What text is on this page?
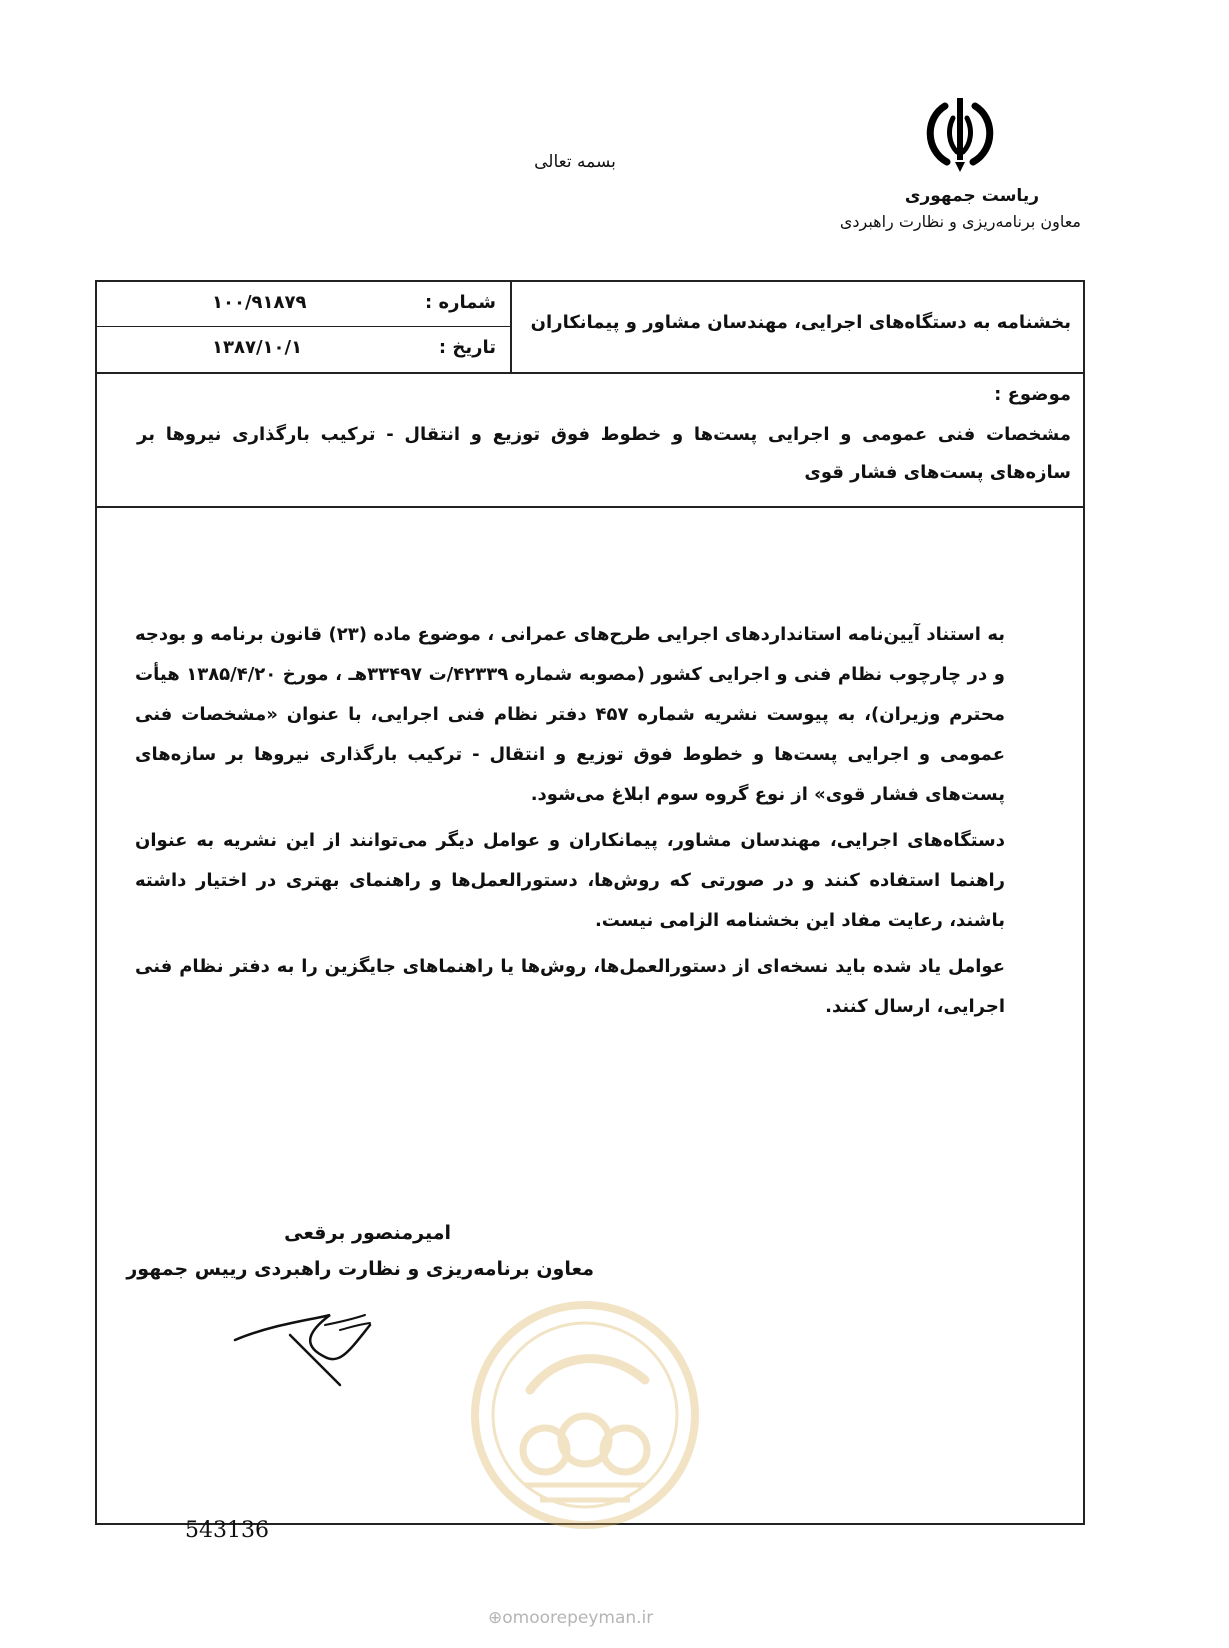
بسمه تعالی
ریاست جمهوری
معاون برنامه‌ریزی و نظارت راهبردی
بخشنامه به دستگاه‌های اجرایی، مهندسان مشاور و پیمانکاران
شماره :
۱۰۰/۹۱۸۷۹
تاریخ :
۱۳۸۷/۱۰/۱
موضوع :
مشخصات فنی عمومی و اجرایی پست‌ها و خطوط فوق توزیع و انتقال - ترکیب بارگذاری نیروها بر سازه‌های پست‌های فشار قوی

به استناد آیین‌نامه استانداردهای اجرایی طرح‌های عمرانی ، موضوع ماده (۲۳) قانون برنامه و بودجه و در چارچوب نظام فنی و اجرایی کشور (مصوبه شماره ۴۲۳۳۹/ت ۳۳۴۹۷هـ ، مورخ ۱۳۸۵/۴/۲۰ هیأت محترم وزیران)، به پیوست نشریه شماره ۴۵۷ دفتر نظام فنی اجرایی، با عنوان «مشخصات فنی عمومی و اجرایی پست‌ها و خطوط فوق توزیع و انتقال - ترکیب بارگذاری نیروها بر سازه‌های پست‌های فشار قوی» از نوع گروه سوم ابلاغ می‌شود.

دستگاه‌های اجرایی، مهندسان مشاور، پیمانکاران و عوامل دیگر می‌توانند از این نشریه به عنوان راهنما استفاده کنند و در صورتی که روش‌ها، دستورالعمل‌ها و راهنمای بهتری در اختیار داشته باشند، رعایت مفاد این بخشنامه الزامی نیست.

عوامل یاد شده باید نسخه‌ای از دستورالعمل‌ها، روش‌ها یا راهنماهای جایگزین را به دفتر نظام فنی اجرایی، ارسال کنند.

امیرمنصور برقعی
معاون برنامه‌ریزی و نظارت راهبردی رییس جمهور
543136
⊕omoorepeyman.ir
